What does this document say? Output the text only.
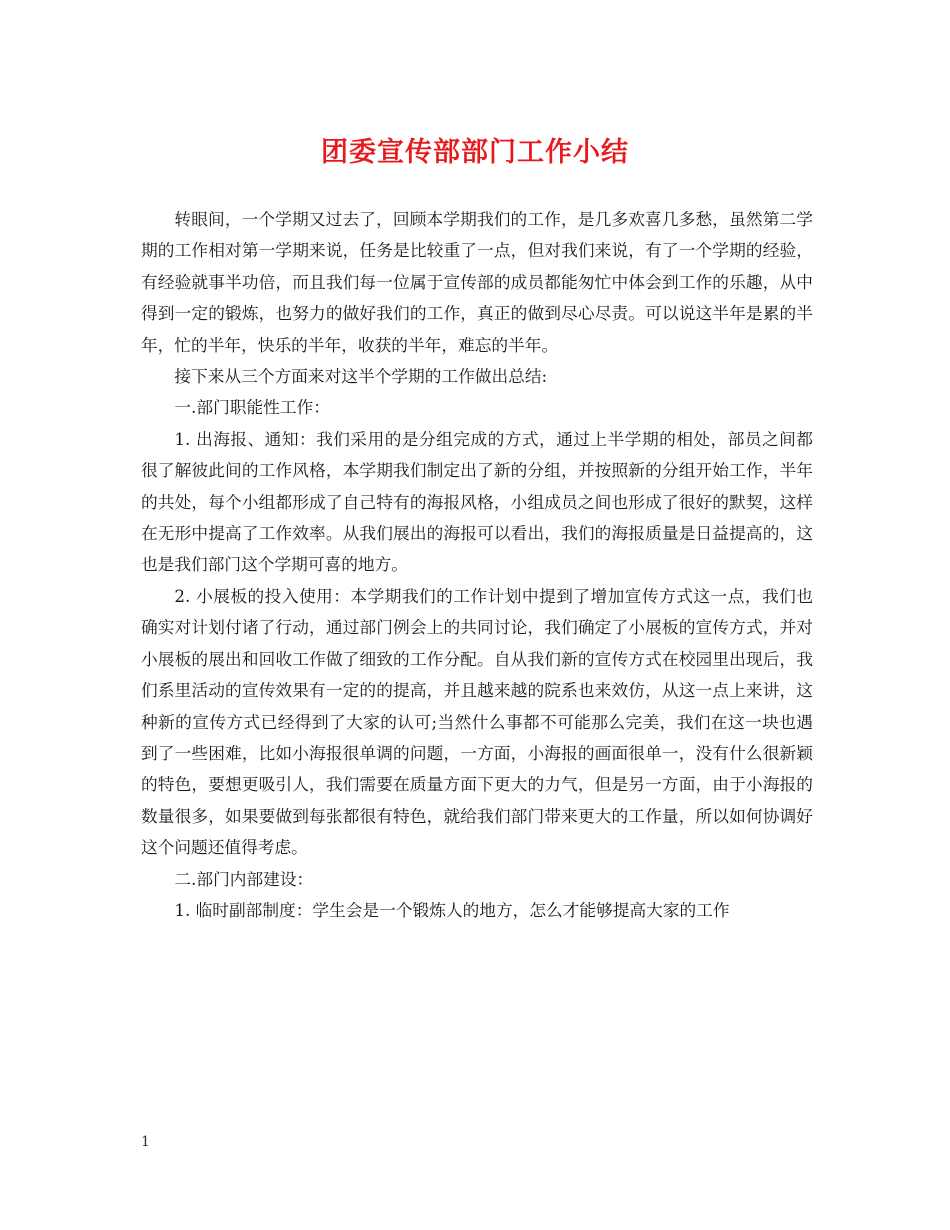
团委宣传部部门工作小结

转眼间，一个学期又过去了，回顾本学期我们的工作，是几多欢喜几多愁，虽然第二学期的工作相对第一学期来说，任务是比较重了一点，但对我们来说，有了一个学期的经验，有经验就事半功倍，而且我们每一位属于宣传部的成员都能匆忙中体会到工作的乐趣，从中得到一定的锻炼，也努力的做好我们的工作，真正的做到尽心尽责。可以说这半年是累的半年，忙的半年，快乐的半年，收获的半年，难忘的半年。

接下来从三个方面来对这半个学期的工作做出总结:

一.部门职能性工作：

1. 出海报、通知：我们采用的是分组完成的方式，通过上半学期的相处，部员之间都很了解彼此间的工作风格，本学期我们制定出了新的分组，并按照新的分组开始工作，半年的共处，每个小组都形成了自己特有的海报风格，小组成员之间也形成了很好的默契，这样在无形中提高了工作效率。从我们展出的海报可以看出，我们的海报质量是日益提高的，这也是我们部门这个学期可喜的地方。

2. 小展板的投入使用：本学期我们的工作计划中提到了增加宣传方式这一点，我们也确实对计划付诸了行动，通过部门例会上的共同讨论，我们确定了小展板的宣传方式，并对小展板的展出和回收工作做了细致的工作分配。自从我们新的宣传方式在校园里出现后，我们系里活动的宣传效果有一定的的提高，并且越来越的院系也来效仿，从这一点上来讲，这种新的宣传方式已经得到了大家的认可;当然什么事都不可能那么完美，我们在这一块也遇到了一些困难，比如小海报很单调的问题，一方面，小海报的画面很单一，没有什么很新颖的特色，要想更吸引人，我们需要在质量方面下更大的力气，但是另一方面，由于小海报的数量很多，如果要做到每张都很有特色，就给我们部门带来更大的工作量，所以如何协调好这个问题还值得考虑。

二.部门内部建设：

1. 临时副部制度：学生会是一个锻炼人的地方，怎么才能够提高大家的工作

1
